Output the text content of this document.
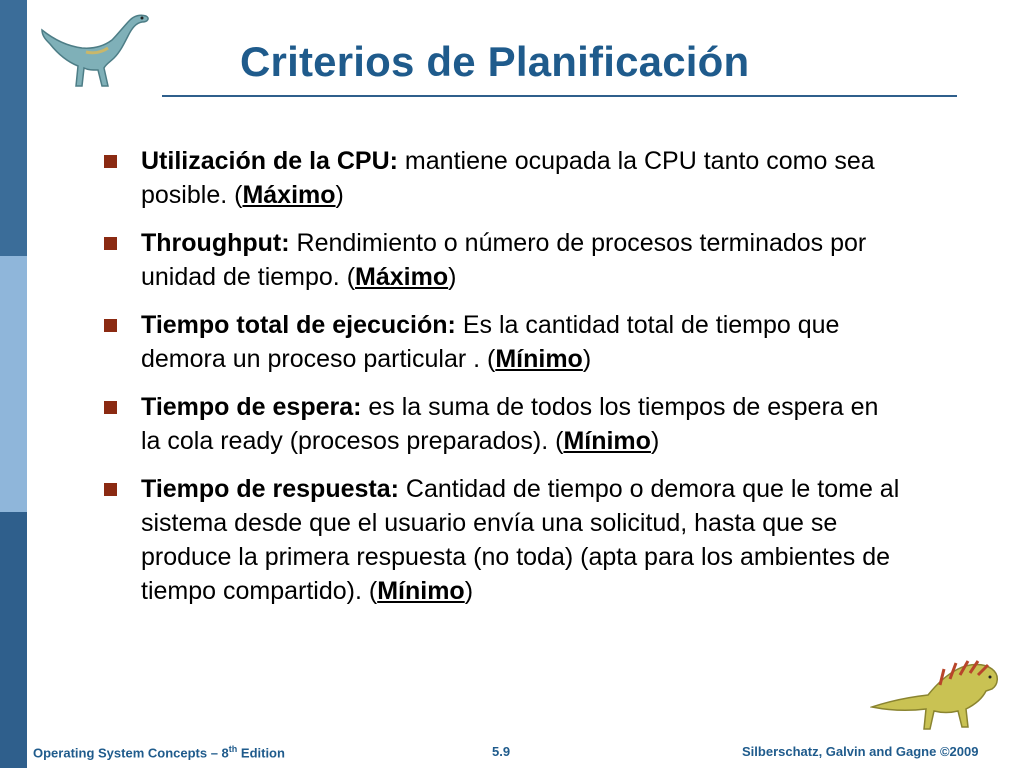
Criterios de Planificación
Utilización de la CPU: mantiene ocupada la CPU tanto como sea posible. (Máximo)
Throughput: Rendimiento o número de procesos terminados por unidad de tiempo. (Máximo)
Tiempo total de ejecución: Es la cantidad total de tiempo que demora un proceso particular . (Mínimo)
Tiempo de espera: es la suma de todos los tiempos de espera en la cola ready (procesos preparados). (Mínimo)
Tiempo de respuesta: Cantidad de tiempo o demora que le tome al sistema desde que el usuario envía una solicitud, hasta que se produce la primera respuesta (no toda) (apta para los ambientes de tiempo compartido). (Mínimo)
Operating System Concepts – 8th Edition	5.9	Silberschatz, Galvin and Gagne ©2009
